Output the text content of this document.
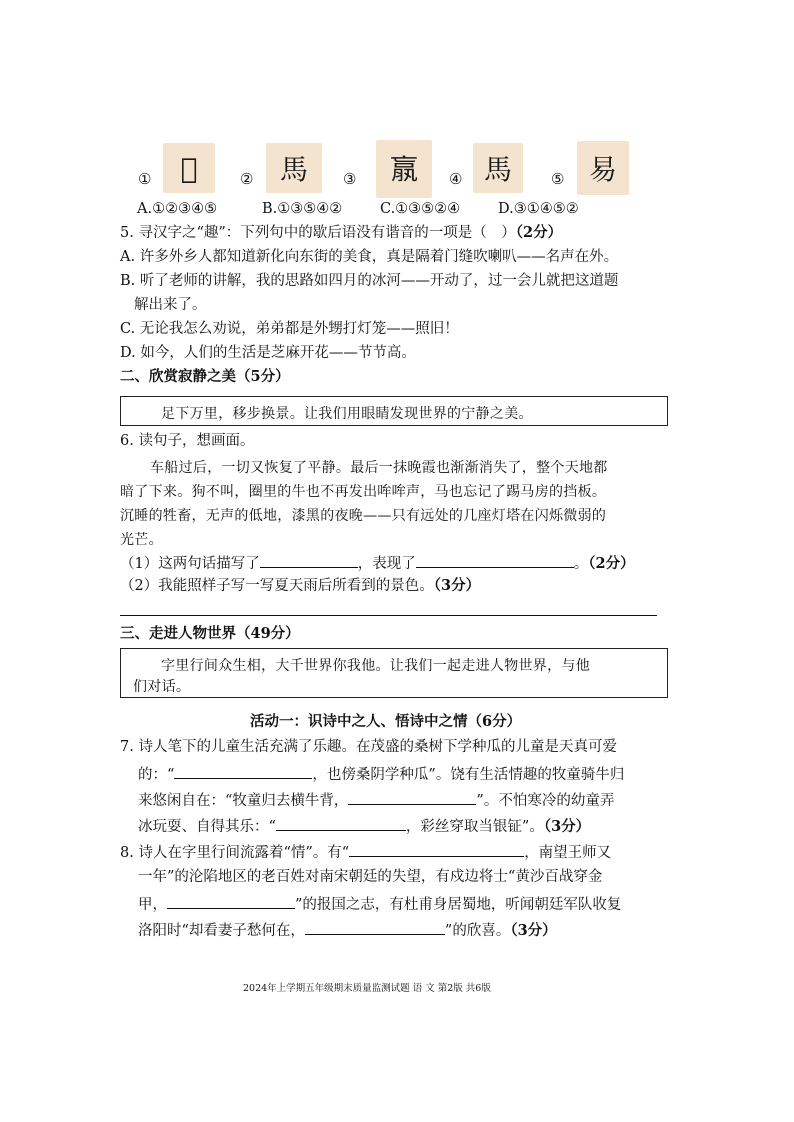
① 𢒪	② 馬 ③ 𣎆 ④ 馬	⑤ 易
A.①②③④⑤	B.①③⑤④②	C.①③⑤②④	D.③①④⑤②
5. 寻汉字之“趣”：下列句中的歇后语没有谐音的一项是（　）（2分）
A. 许多外乡人都知道新化向东街的美食，真是隔着门缝吹喇叭——名声在外。
B. 听了老师的讲解，我的思路如四月的冰河——开动了，过一会儿就把这道题
解出来了。
C. 无论我怎么劝说，弟弟都是外甥打灯笼——照旧！
D. 如今，人们的生活是芝麻开花——节节高。
二、欣赏寂静之美（5分）
足下万里，移步换景。让我们用眼睛发现世界的宁静之美。
6. 读句子，想画面。
车船过后，一切又恢复了平静。最后一抹晚霞也渐渐消失了，整个天地都
暗了下来。狗不叫，圈里的牛也不再发出哞哞声，马也忘记了踢马房的挡板。
沉睡的牲畜，无声的低地，漆黑的夜晚——只有远处的几座灯塔在闪烁微弱的
光芒。
（1）这两句话描写了	，表现了	。（2分）
（2）我能照样子写一写夏天雨后所看到的景色。（3分）
三、走进人物世界（49分）
字里行间众生相，大千世界你我他。让我们一起走进人物世界，与他
们对话。
活动一：识诗中之人、悟诗中之情（6分）
7. 诗人笔下的儿童生活充满了乐趣。在茂盛的桑树下学种瓜的儿童是天真可爱
的：“	，也傍桑阴学种瓜”。饶有生活情趣的牧童骑牛归
来悠闲自在：“牧童归去横牛背，	”。不怕寒冷的幼童弄
冰玩耍、自得其乐：“	，彩丝穿取当银钲”。（3分）
8. 诗人在字里行间流露着“情”。有“	，南望王师又
一年”的沦陷地区的老百姓对南宋朝廷的失望，有戍边将士“黄沙百战穿金
甲，	”的报国之志，有杜甫身居蜀地，听闻朝廷军队收复
洛阳时“却看妻子愁何在，	”的欣喜。（3分）
2024年上学期五年级期末质量监测试题 语 文 第2版 共6版
